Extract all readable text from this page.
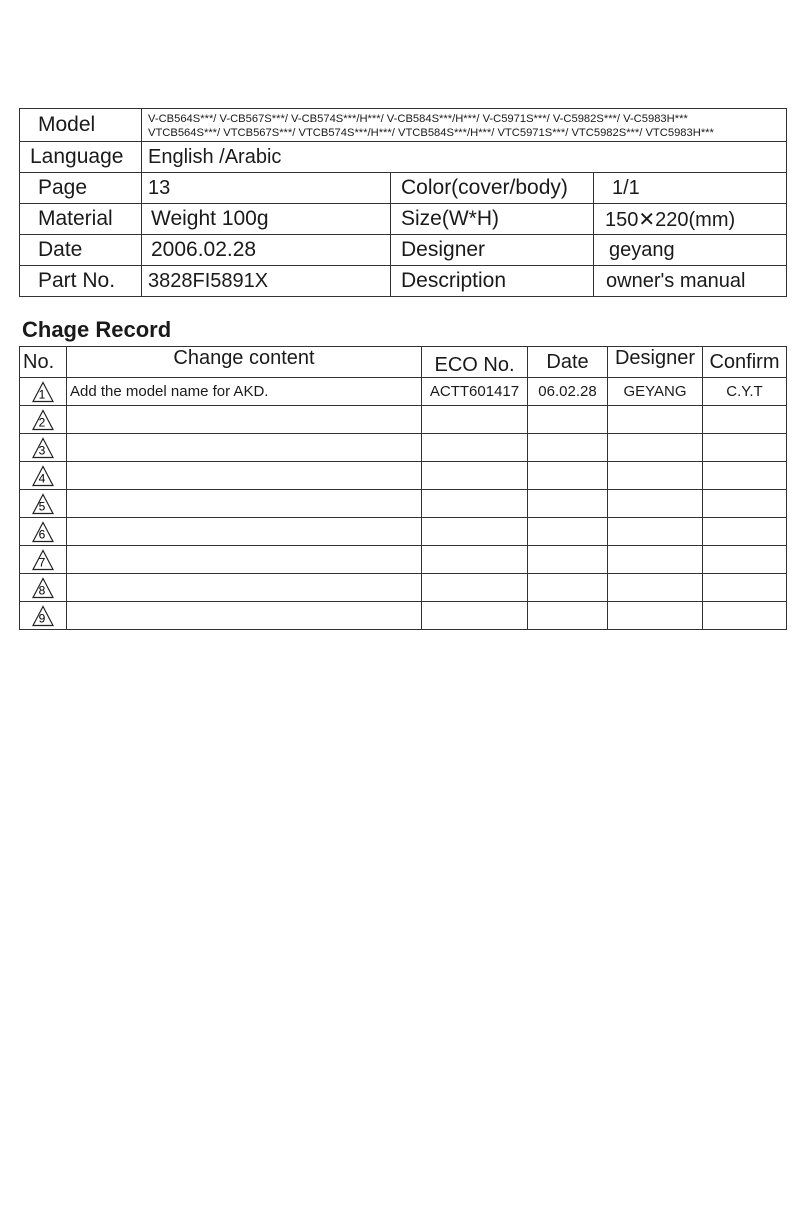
Model	V-CB564S***/ V-CB567S***/ V-CB574S***/H***/ V-CB584S***/H***/ V-C5971S***/ V-C5982S***/ V-C5983H***
VTCB564S***/ VTCB567S***/ VTCB574S***/H***/ VTCB584S***/H***/ VTC5971S***/ VTC5982S***/ VTC5983H***		

Language	English /Arabic		
Page	13	Color(cover/body)	1/1
Material	Weight 100g	Size(W*H)	150✕220(mm)
Date	2006.02.28	Designer	geyang
Part No.	3828FI5891X	Description	owner's manual
Chage Record
No.	Change content	ECO No.	Date	Designer	Confirm

1	Add the model name for AKD.	ACTT601417	06.02.28	GEYANG	C.Y.T

2					

3					

4					

5					

6					

7					

8					

9					
